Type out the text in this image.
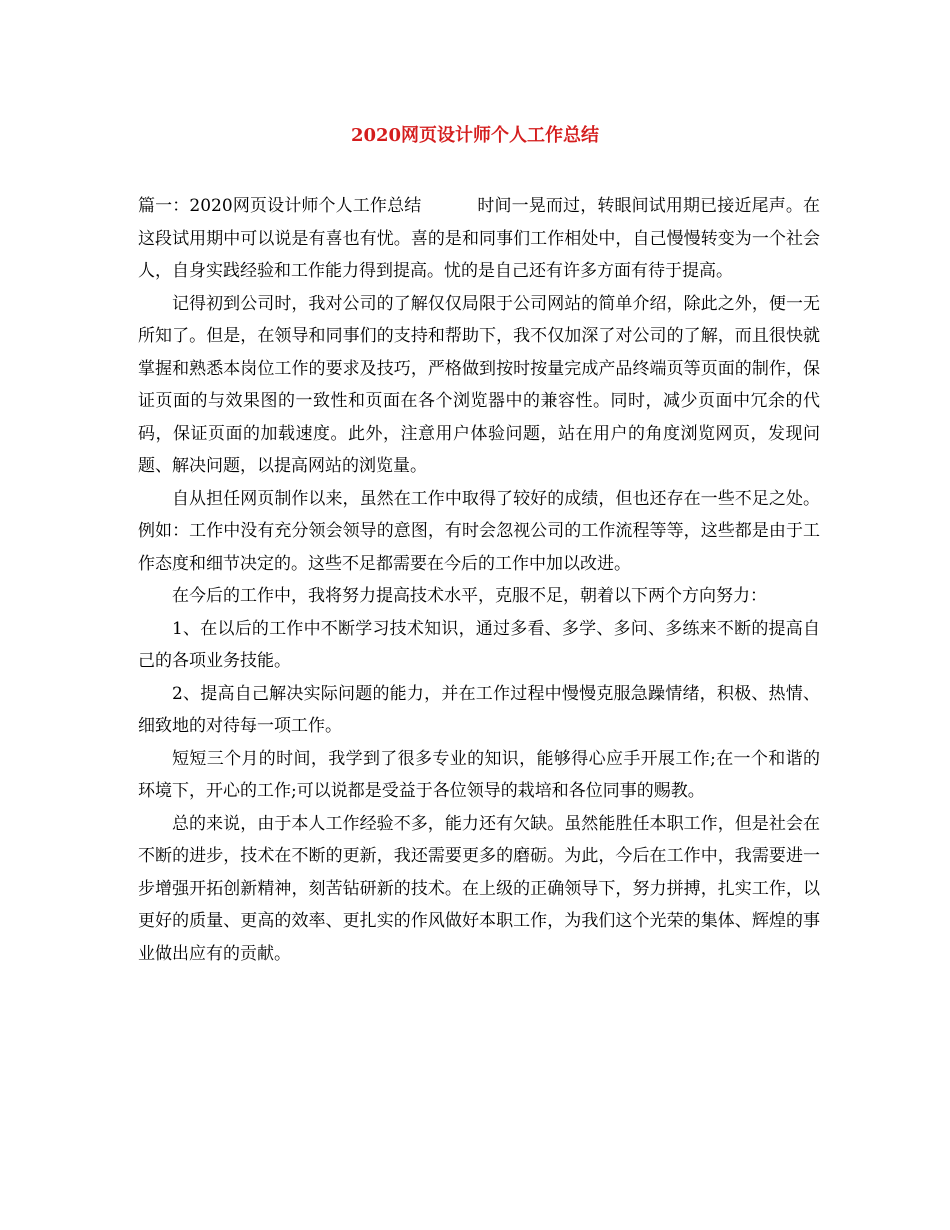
2020网页设计师个人工作总结

篇一：2020网页设计师个人工作总结	时间一晃而过，转眼间试用期已接近尾声。在这段试用期中可以说是有喜也有忧。喜的是和同事们工作相处中，自己慢慢转变为一个社会人，自身实践经验和工作能力得到提高。忧的是自己还有许多方面有待于提高。

记得初到公司时，我对公司的了解仅仅局限于公司网站的简单介绍，除此之外，便一无所知了。但是，在领导和同事们的支持和帮助下，我不仅加深了对公司的了解，而且很快就掌握和熟悉本岗位工作的要求及技巧，严格做到按时按量完成产品终端页等页面的制作，保证页面的与效果图的一致性和页面在各个浏览器中的兼容性。同时，减少页面中冗余的代码，保证页面的加载速度。此外，注意用户体验问题，站在用户的角度浏览网页，发现问题、解决问题，以提高网站的浏览量。

自从担任网页制作以来，虽然在工作中取得了较好的成绩，但也还存在一些不足之处。例如：工作中没有充分领会领导的意图，有时会忽视公司的工作流程等等，这些都是由于工作态度和细节决定的。这些不足都需要在今后的工作中加以改进。

在今后的工作中，我将努力提高技术水平，克服不足，朝着以下两个方向努力：

1、在以后的工作中不断学习技术知识，通过多看、多学、多问、多练来不断的提高自己的各项业务技能。

2、提高自己解决实际问题的能力，并在工作过程中慢慢克服急躁情绪，积极、热情、细致地的对待每一项工作。

短短三个月的时间，我学到了很多专业的知识，能够得心应手开展工作;在一个和谐的环境下，开心的工作;可以说都是受益于各位领导的栽培和各位同事的赐教。

总的来说，由于本人工作经验不多，能力还有欠缺。虽然能胜任本职工作，但是社会在不断的进步，技术在不断的更新，我还需要更多的磨砺。为此，今后在工作中，我需要进一步增强开拓创新精神，刻苦钻研新的技术。在上级的正确领导下，努力拼搏，扎实工作，以更好的质量、更高的效率、更扎实的作风做好本职工作，为我们这个光荣的集体、辉煌的事业做出应有的贡献。
